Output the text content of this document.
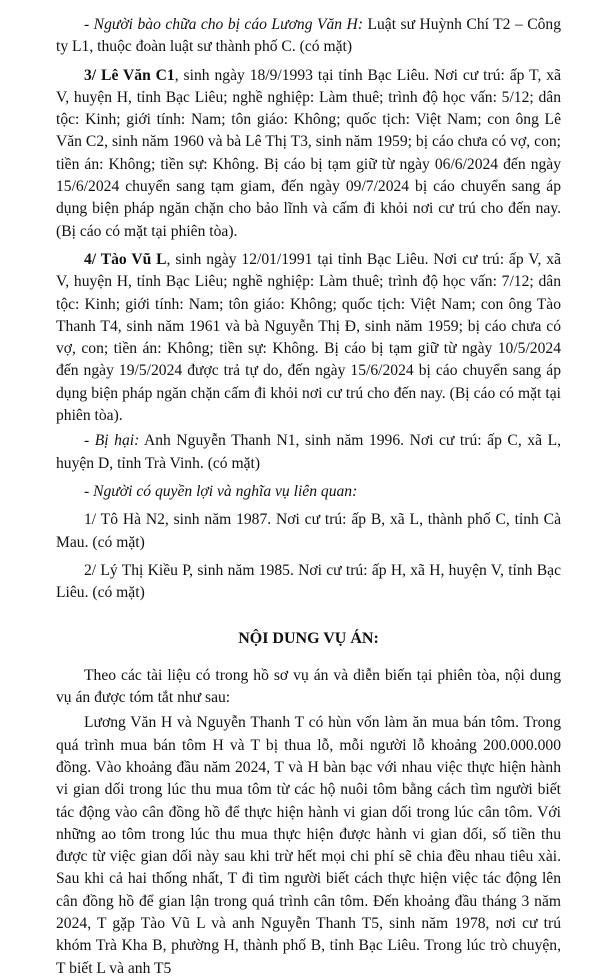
- Người bào chữa cho bị cáo Lương Văn H: Luật sư Huỳnh Chí T2 – Công ty L1, thuộc đoàn luật sư thành phố C. (có mặt)

3/ Lê Văn C1, sinh ngày 18/9/1993 tại tỉnh Bạc Liêu. Nơi cư trú: ấp T, xã V, huyện H, tỉnh Bạc Liêu; nghề nghiệp: Làm thuê; trình độ học vấn: 5/12; dân tộc: Kinh; giới tính: Nam; tôn giáo: Không; quốc tịch: Việt Nam; con ông Lê Văn C2, sinh năm 1960 và bà Lê Thị T3, sinh năm 1959; bị cáo chưa có vợ, con; tiền án: Không; tiền sự: Không. Bị cáo bị tạm giữ từ ngày 06/6/2024 đến ngày 15/6/2024 chuyển sang tạm giam, đến ngày 09/7/2024 bị cáo chuyển sang áp dụng biện pháp ngăn chặn cho bảo lĩnh và cấm đi khỏi nơi cư trú cho đến nay. (Bị cáo có mặt tại phiên tòa).

4/ Tào Vũ L, sinh ngày 12/01/1991 tại tỉnh Bạc Liêu. Nơi cư trú: ấp V, xã V, huyện H, tỉnh Bạc Liêu; nghề nghiệp: Làm thuê; trình độ học vấn: 7/12; dân tộc: Kinh; giới tính: Nam; tôn giáo: Không; quốc tịch: Việt Nam; con ông Tào Thanh T4, sinh năm 1961 và bà Nguyễn Thị Đ, sinh năm 1959; bị cáo chưa có vợ, con; tiền án: Không; tiền sự: Không. Bị cáo bị tạm giữ từ ngày 10/5/2024 đến ngày 19/5/2024 được trả tự do, đến ngày 15/6/2024 bị cáo chuyển sang áp dụng biện pháp ngăn chặn cấm đi khỏi nơi cư trú cho đến nay. (Bị cáo có mặt tại phiên tòa).

- Bị hại: Anh Nguyễn Thanh N1, sinh năm 1996. Nơi cư trú: ấp C, xã L, huyện D, tỉnh Trà Vinh. (có mặt)

- Người có quyền lợi và nghĩa vụ liên quan:

1/ Tô Hà N2, sinh năm 1987. Nơi cư trú: ấp B, xã L, thành phố C, tỉnh Cà Mau. (có mặt)

2/ Lý Thị Kiều P, sinh năm 1985. Nơi cư trú: ấp H, xã H, huyện V, tỉnh Bạc Liêu. (có mặt)

NỘI DUNG VỤ ÁN:

Theo các tài liệu có trong hồ sơ vụ án và diễn biến tại phiên tòa, nội dung vụ án được tóm tắt như sau:

Lương Văn H và Nguyễn Thanh T có hùn vốn làm ăn mua bán tôm. Trong quá trình mua bán tôm H và T bị thua lỗ, mỗi người lỗ khoảng 200.000.000 đồng. Vào khoảng đầu năm 2024, T và H bàn bạc với nhau việc thực hiện hành vi gian dối trong lúc thu mua tôm từ các hộ nuôi tôm bằng cách tìm người biết tác động vào cân đồng hồ để thực hiện hành vi gian dối trong lúc cân tôm. Với những ao tôm trong lúc thu mua thực hiện được hành vi gian dối, số tiền thu được từ việc gian dối này sau khi trừ hết mọi chi phí sẽ chia đều nhau tiêu xài. Sau khi cả hai thống nhất, T đi tìm người biết cách thực hiện việc tác động lên cân đồng hồ để gian lận trong quá trình cân tôm. Đến khoảng đầu tháng 3 năm 2024, T gặp Tào Vũ L và anh Nguyễn Thanh T5, sinh năm 1978, nơi cư trú khóm Trà Kha B, phường H, thành phố B, tỉnh Bạc Liêu. Trong lúc trò chuyện, T biết L và anh T5
